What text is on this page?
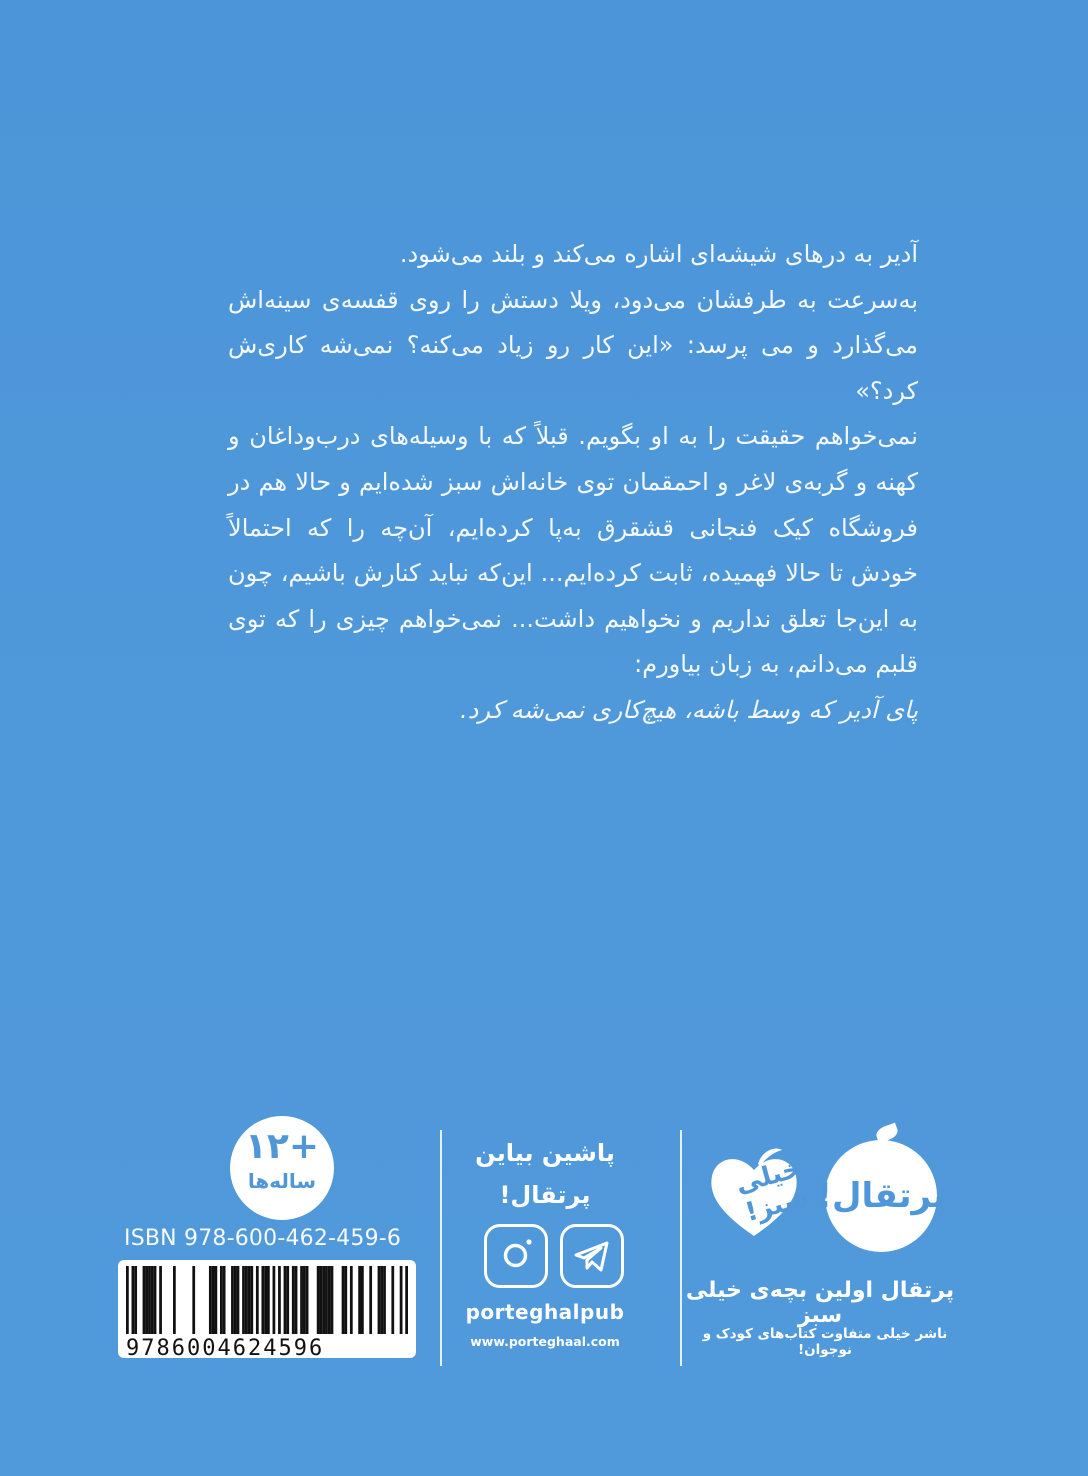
آدیر به درهای شیشه‌ای اشاره می‌کند و بلند می‌شود.

به‌سرعت به طرفشان می‌دود، ویلا دستش را روی قفسه‌ی سینه‌اش می‌گذارد و می پرسد: «این کار رو زیاد می‌کنه؟ نمی‌شه کاری‌ش کرد؟»

نمی‌خواهم حقیقت را به او بگویم. قبلاً که با وسیله‌های درب‌وداغان و کهنه و گربه‌ی لاغر و احمقمان توی خانه‌اش سبز شده‌ایم و حالا هم در فروشگاه کیک فنجانی قشقرق به‌پا کرده‌ایم، آن‌چه را که احتمالاً خودش تا حالا فهمیده، ثابت کرده‌ایم... این‌که نباید کنارش باشیم، چون به این‌جا تعلق نداریم و نخواهیم داشت... نمی‌خواهم چیزی را که توی قلبم می‌دانم، به زبان بیاورم:

پای آدیر که وسط باشه، هیچ‌کاری نمی‌شه کرد.

+۱۲
ساله‌ها
ISBN 978-600-462-459-6
9786004624596
پاشین بیاین پرتقال!
porteghalpub
www.porteghaal.com
خیلی سبز! پرتقال!
پرتقال اولین بچه‌ی خیلی سبز
ناشر خیلی متفاوت کتاب‌های کودک و نوجوان!
